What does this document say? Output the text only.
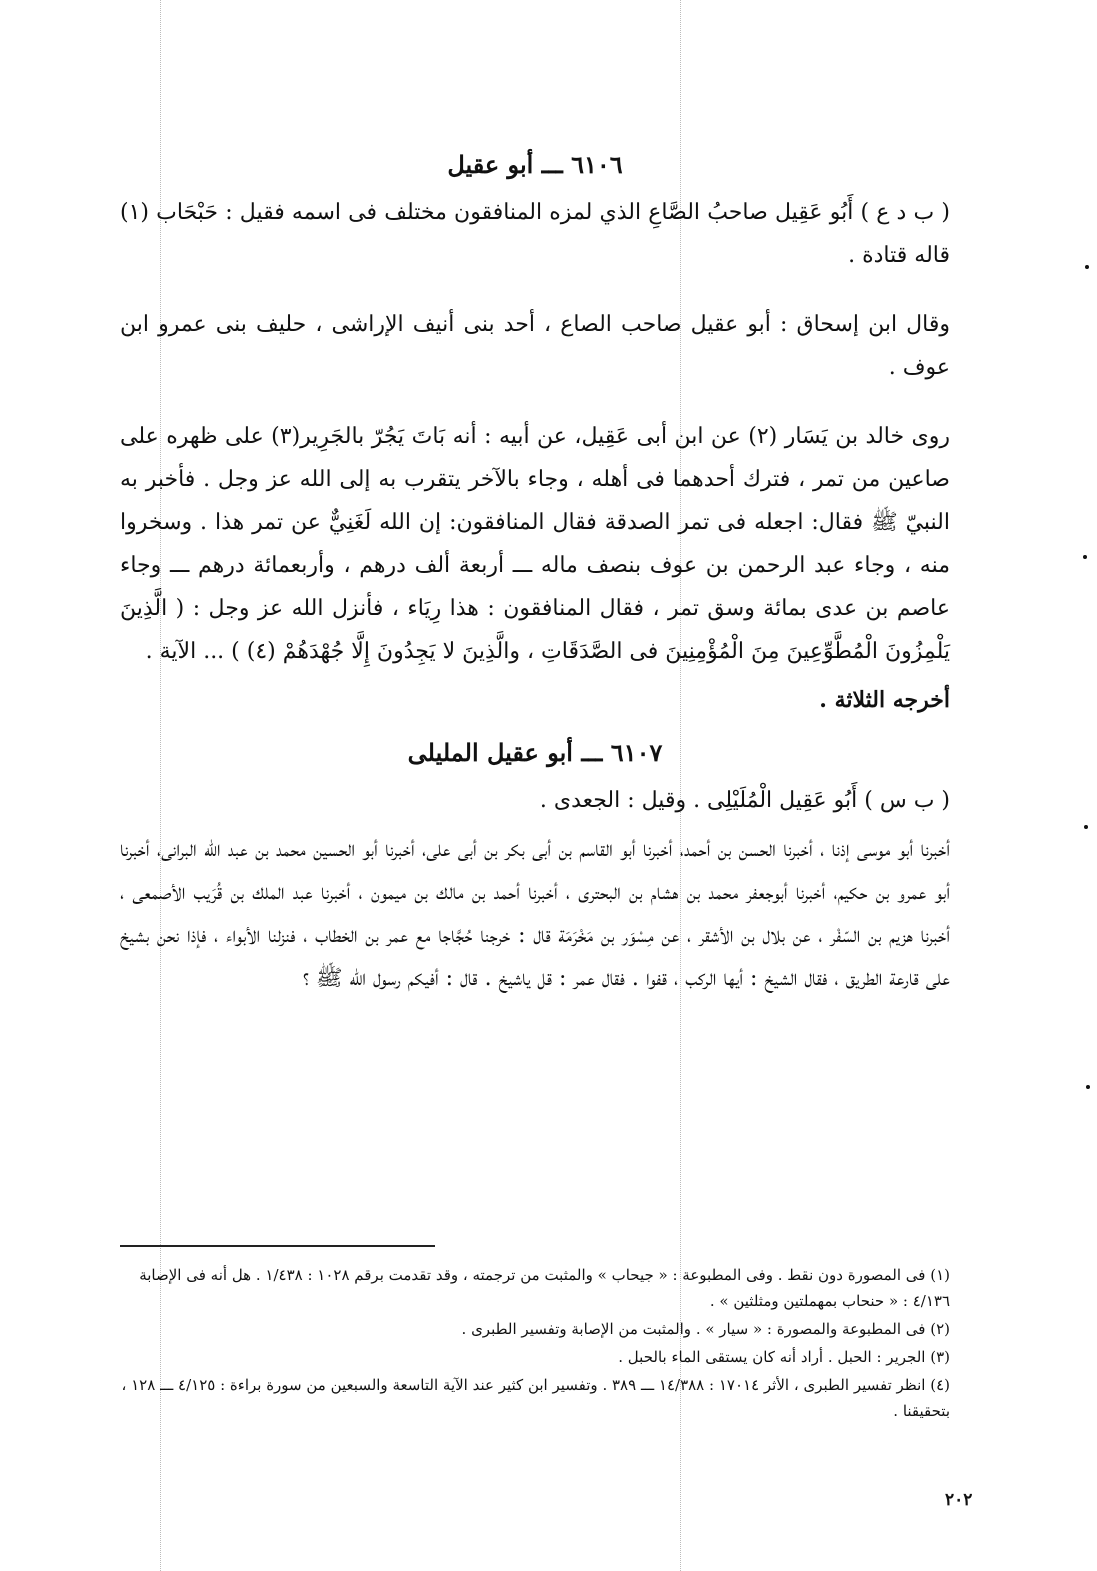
٦١٠٦ ـــ أبو عقيل

( ب د ع ) أَبُو عَقِيل صاحبُ الصَّاعِ الذي لمزه المنافقون مختلف فى اسمه فقيل : حَبْحَاب (١) قاله قتادة .

وقال ابن إسحاق : أبو عقيل صاحب الصاع ، أحد بنى أنيف الإراشى ، حليف بنى عمرو ابن عوف .

روى خالد بن يَسَار (٢) عن ابن أبى عَقِيل، عن أبيه : أنه بَاتَ يَجُرّ بالجَرِير(٣) على ظهره على صاعين من تمر ، فترك أحدهما فى أهله ، وجاء بالآخر يتقرب به إلى الله عز وجل . فأخبر به النبيّ ﷺ فقال: اجعله فى تمر الصدقة فقال المنافقون: إن الله لَغَنِيٌّ عن تمر هذا . وسخروا منه ، وجاء عبد الرحمن بن عوف بنصف ماله ـــ أربعة ألف درهم ، وأربعمائة درهم ـــ وجاء عاصم بن عدى بمائة وسق تمر ، فقال المنافقون : هذا رِيَاء ، فأنزل الله عز وجل : ( الَّذِينَ يَلْمِزُونَ الْمُطَّوِّعِينَ مِنَ الْمُؤْمِنِينَ فى الصَّدَقَاتِ ، والَّذِينَ لا يَجِدُونَ إِلَّا جُهْدَهُمْ (٤) ) ... الآية .

أخرجه الثلاثة .

٦١٠٧ ـــ أبو عقيل المليلى

( ب س ) أَبُو عَقِيل الْمُلَيْلِى . وقيل : الجعدى .

أخبرنا أبو موسى إذنا ، أخبرنا الحسن بن أحمد، أخبرنا أبو القاسم بن أبى بكر بن أبى على، أخبرنا أبو الحسين محمد بن عبد الله البرانى، أخبرنا أبو عمرو بن حكيم، أخبرنا أبوجعفر محمد بن هشام بن البحترى ، أخبرنا أحمد بن مالك بن ميمون ، أخبرنا عبد الملك بن قُرَيب الأصمعى ، أخبرنا هزيم بن السّفْر ، عن بلال بن الأشقر ، عن مِسْوَر بن مَخْرَمَة قال : خرجنا حُجَّاجا مع عمر بن الخطاب ، فنزلنا الأبواء ، فإذا نحن بشيخ على قارعة الطريق ، فقال الشيخ : أيها الركب ، قفوا . فقال عمر : قل ياشيخ . قال : أفيكم رسول الله ﷺ ؟

(١) فى المصورة دون نقط . وفى المطبوعة : « جيحاب » والمثبت من ترجمته ، وقد تقدمت برقم ١٠٢٨ : ١/٤٣٨ . هل أنه فى الإصابة ٤/١٣٦ : « حنحاب بمهملتين ومثلثين » .

(٢) فى المطبوعة والمصورة : « سيار » . والمثبت من الإصابة وتفسير الطبرى .

(٣) الجرير : الحبل . أراد أنه كان يستقى الماء بالحبل .

(٤) انظر تفسير الطبرى ، الأثر ١٧٠١٤ : ١٤/٣٨٨ ـــ ٣٨٩ . وتفسير ابن كثير عند الآية التاسعة والسبعين من سورة براءة : ٤/١٢٥ ـــ ١٢٨ ، بتحقيقنا .

٢٠٢
